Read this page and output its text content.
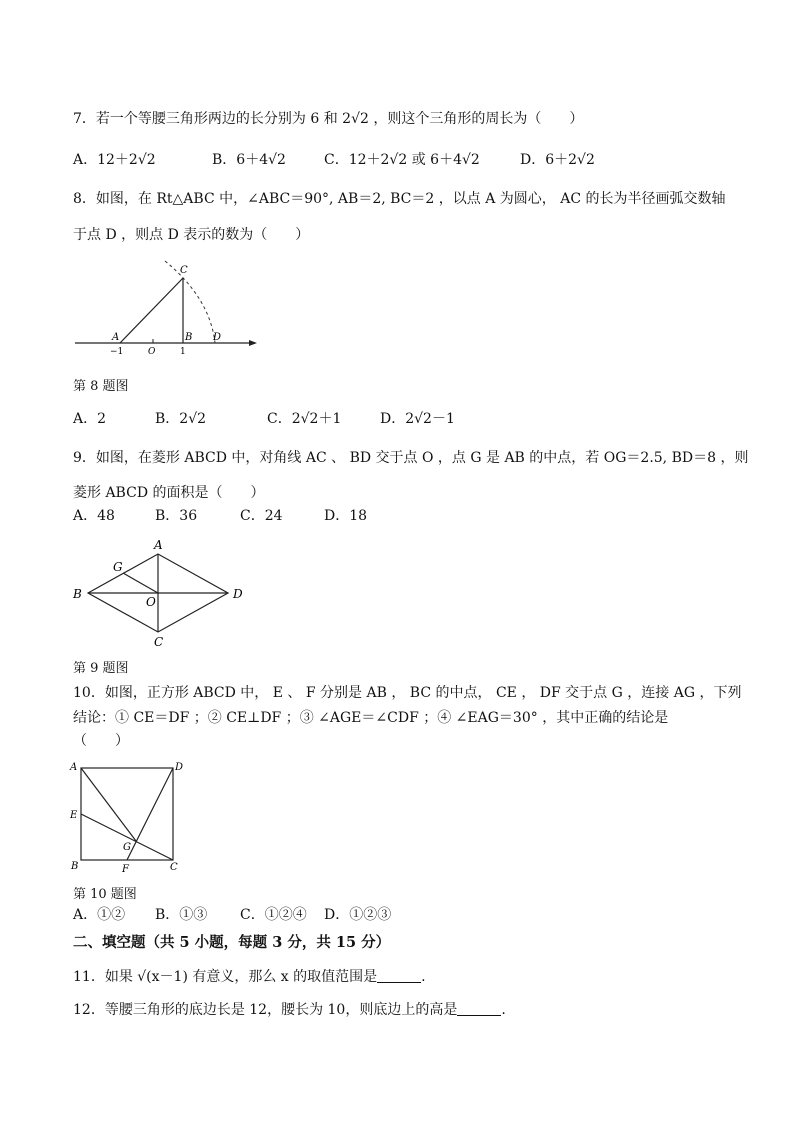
7．若一个等腰三角形两边的长分别为 6 和 2√2 ，则这个三角形的周长为（　　）
A．12＋2√2	B．6＋4√2	C．12＋2√2 或 6＋4√2	D．6＋2√2
8．如图，在 Rt△ABC 中，∠ABC＝90°, AB＝2, BC＝2 ，以点 A 为圆心， AC 的长为半径画弧交数轴
于点 D ，则点 D 表示的数为（　　）
C
A	B D
−1	O	1
第 8 题图
A．2	B．2√2	C．2√2＋1	D．2√2－1
9．如图，在菱形 ABCD 中，对角线 AC 、 BD 交于点 O ，点 G 是 AB 的中点，若 OG＝2.5, BD＝8 ，则
菱形 ABCD 的面积是（　　）
A．48	B．36	C．24	D．18
A
G
B
O
D
C
第 9 题图
10．如图，正方形 ABCD 中， E 、 F 分别是 AB ， BC 的中点， CE ， DF 交于点 G ，连接 AG ，下列
结论：① CE＝DF ；② CE⊥DF ；③ ∠AGE＝∠CDF ；④ ∠EAG＝30° ，其中正确的结论是
（　　）
A	D
E
G
B	F	C
第 10 题图
A．①② B．①③ C．①②④ D．①②③
二、填空题（共 5 小题，每题 3 分，共 15 分）
11．如果 √(x－1) 有意义，那么 x 的取值范围是	.
12．等腰三角形的底边长是 12，腰长为 10，则底边上的高是	.
